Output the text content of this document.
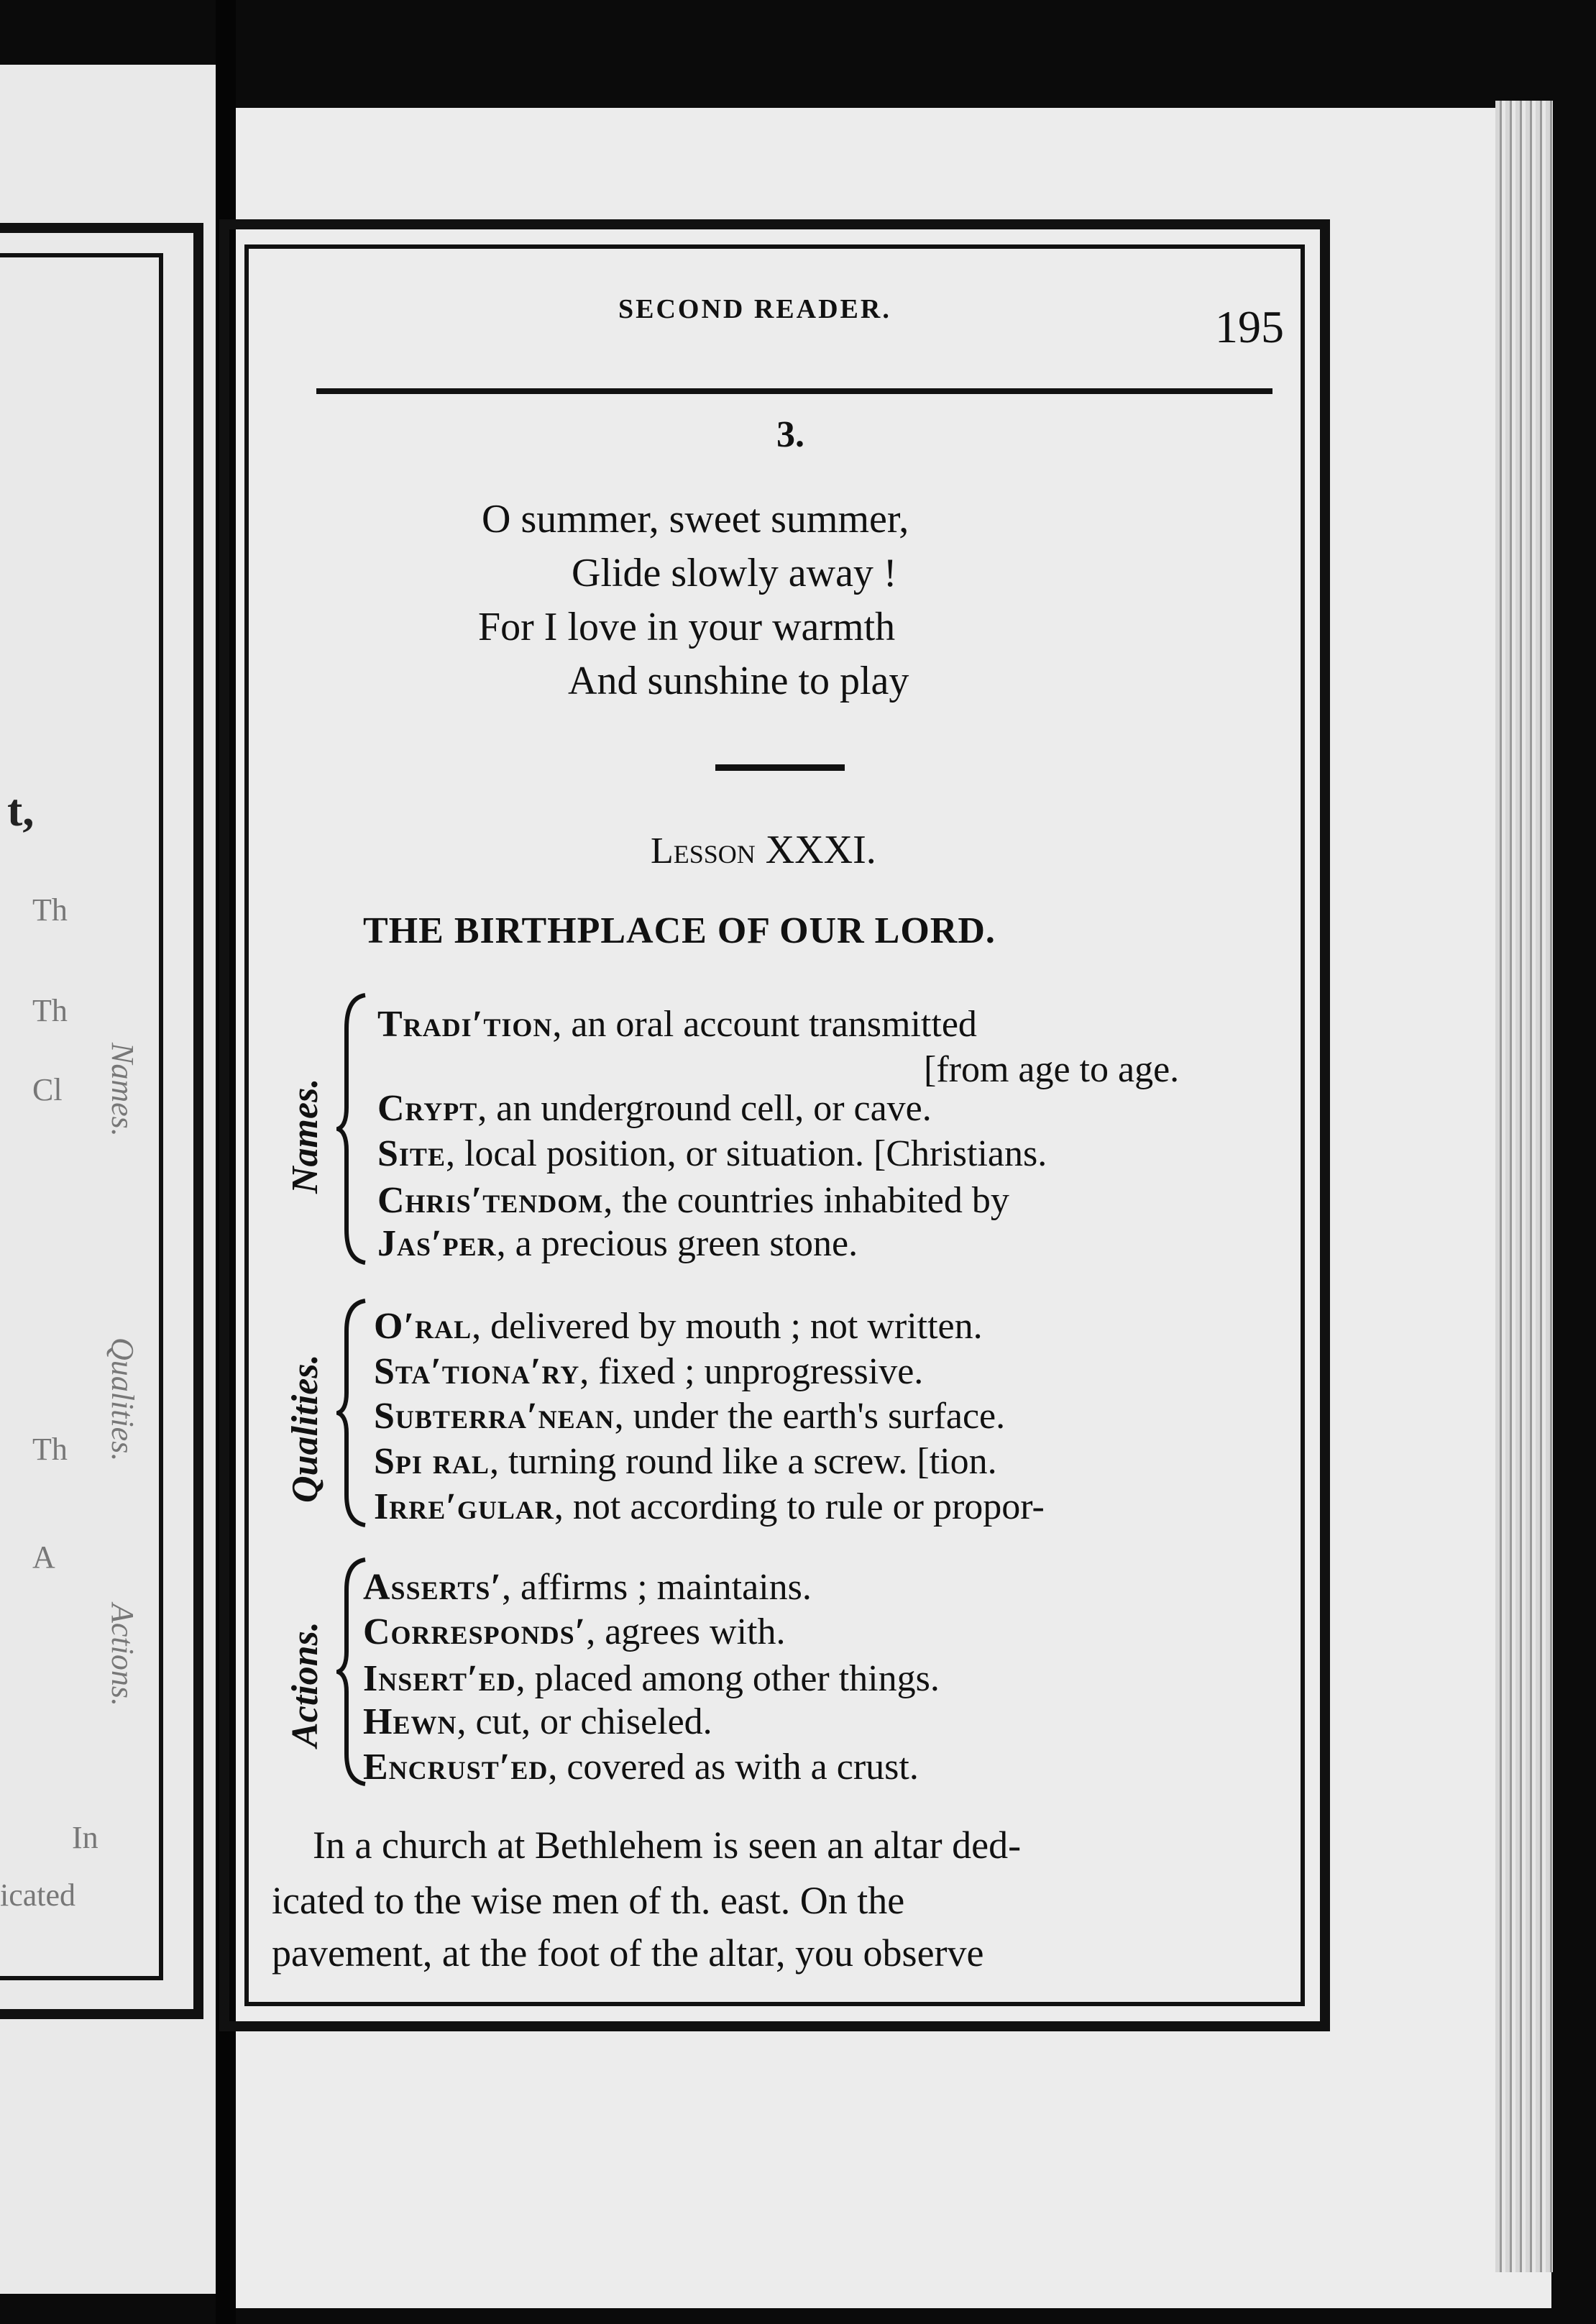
t,
Th
Th
Cl
Th
A
In
icated
Names.
Qualities.
Actions.
SECOND READER.	195
3.
O summer, sweet summer,
Glide slowly away !
For I love in your warmth
And sunshine to play
Lesson XXXI.
THE BIRTHPLACE OF OUR LORD.
Names.
Tradi′tion, an oral account transmitted
[from age to age.
Crypt, an underground cell, or cave.
Site, local position, or situation. [Christians.
Chris′tendom, the countries inhabited by
Jas′per, a precious green stone.
Qualities.
O′ral, delivered by mouth ; not written.
Sta′tiona′ry, fixed ; unprogressive.
Subterra′nean, under the earth's surface.
Spi ral, turning round like a screw. [tion.
Irre′gular, not according to rule or propor-
Actions.
Asserts′, affirms ; maintains.
Corresponds′, agrees with.
Insert′ed, placed among other things.
Hewn, cut, or chiseled.
Encrust′ed, covered as with a crust.
In a church at Bethlehem is seen an altar ded-
icated to the wise men of th. east. On the
pavement, at the foot of the altar, you observe
